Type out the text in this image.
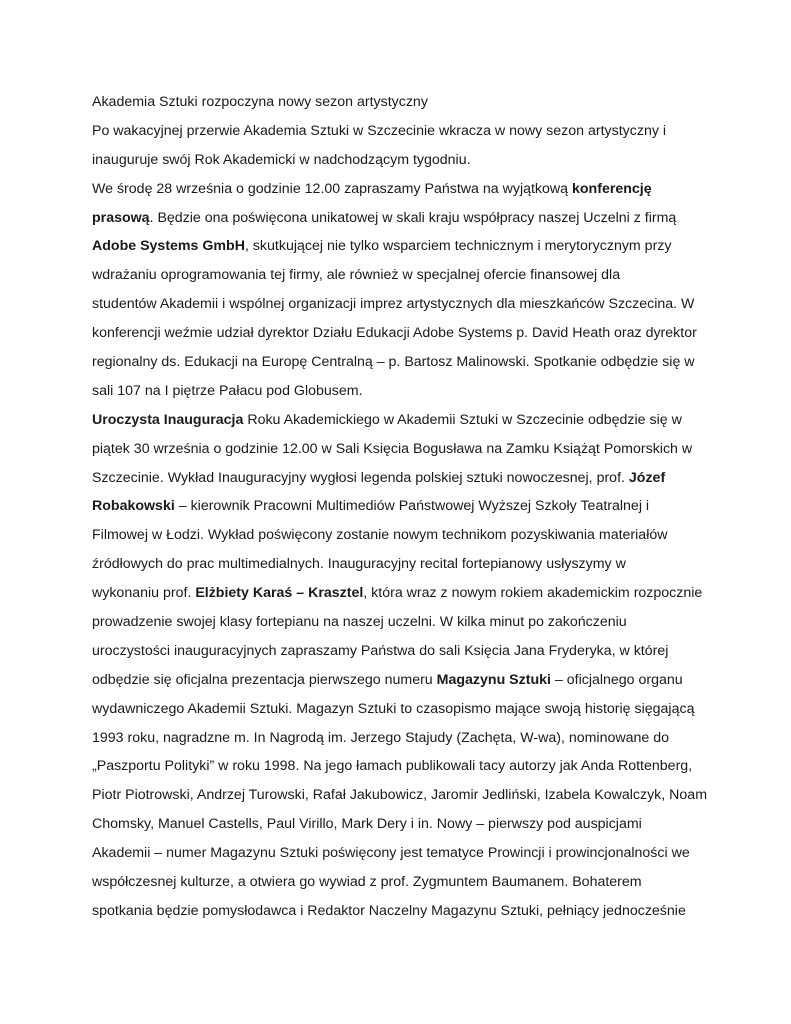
Akademia Sztuki rozpoczyna nowy sezon artystyczny
Po wakacyjnej przerwie Akademia Sztuki w Szczecinie wkracza w nowy sezon artystyczny i
inauguruje swój Rok Akademicki w nadchodzącym tygodniu.
We środę 28 września o godzinie 12.00 zapraszamy Państwa na wyjątkową konferencję
prasową. Będzie ona poświęcona unikatowej w skali kraju współpracy naszej Uczelni z firmą
Adobe Systems GmbH, skutkującej nie tylko wsparciem technicznym i merytorycznym przy
wdrażaniu oprogramowania tej firmy, ale również w specjalnej ofercie finansowej dla
studentów Akademii i wspólnej organizacji imprez artystycznych dla mieszkańców Szczecina. W
konferencji weźmie udział dyrektor Działu Edukacji Adobe Systems p. David Heath oraz dyrektor
regionalny ds. Edukacji na Europę Centralną – p. Bartosz Malinowski. Spotkanie odbędzie się w
sali 107 na I piętrze Pałacu pod Globusem.
Uroczysta Inauguracja Roku Akademickiego w Akademii Sztuki w Szczecinie odbędzie się w
piątek 30 września o godzinie 12.00 w Sali Księcia Bogusława na Zamku Książąt Pomorskich w
Szczecinie. Wykład Inauguracyjny wygłosi legenda polskiej sztuki nowoczesnej, prof. Józef
Robakowski – kierownik Pracowni Multimediów Państwowej Wyższej Szkoły Teatralnej i
Filmowej w Łodzi. Wykład poświęcony zostanie nowym technikom pozyskiwania materiałów
źródłowych do prac multimedialnych. Inauguracyjny recital fortepianowy usłyszymy w
wykonaniu prof. Elżbiety Karaś – Krasztel, która wraz z nowym rokiem akademickim rozpocznie
prowadzenie swojej klasy fortepianu na naszej uczelni. W kilka minut po zakończeniu
uroczystości inauguracyjnych zapraszamy Państwa do sali Księcia Jana Fryderyka, w której
odbędzie się oficjalna prezentacja pierwszego numeru Magazynu Sztuki – oficjalnego organu
wydawniczego Akademii Sztuki. Magazyn Sztuki to czasopismo mające swoją historię sięgającą
1993 roku, nagradzne m. In Nagrodą im. Jerzego Stajudy (Zachęta, W-wa), nominowane do
„Paszportu Polityki” w roku 1998. Na jego łamach publikowali tacy autorzy jak Anda Rottenberg,
Piotr Piotrowski, Andrzej Turowski, Rafał Jakubowicz, Jaromir Jedliński, Izabela Kowalczyk, Noam
Chomsky, Manuel Castells, Paul Virillo, Mark Dery i in. Nowy – pierwszy pod auspicjami
Akademii – numer Magazynu Sztuki poświęcony jest tematyce Prowincji i prowincjonalności we
współczesnej kulturze, a otwiera go wywiad z prof. Zygmuntem Baumanem. Bohaterem
spotkania będzie pomysłodawca i Redaktor Naczelny Magazynu Sztuki, pełniący jednocześnie
